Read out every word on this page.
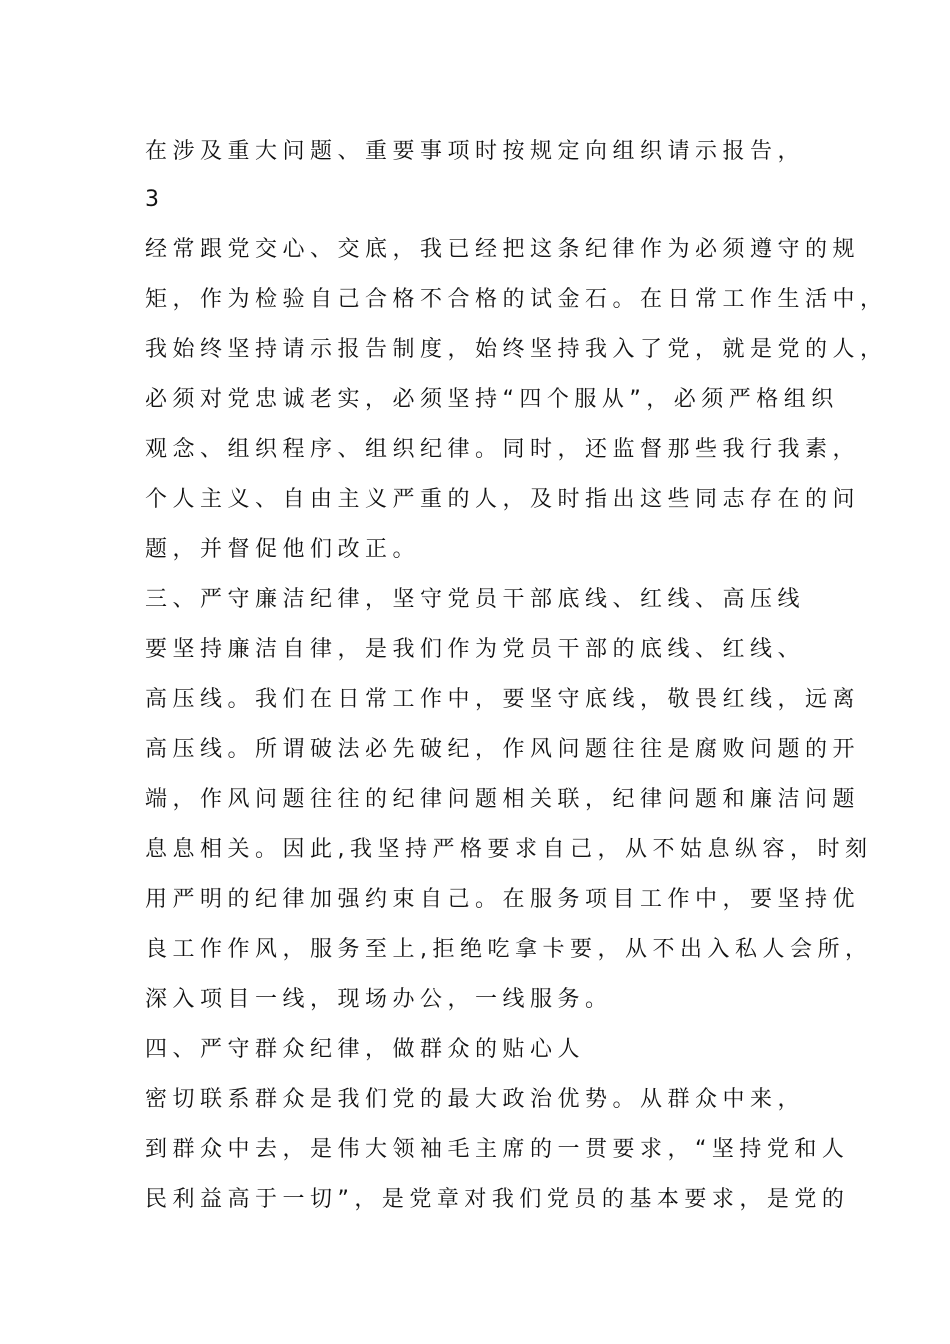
在涉及重大问题、重要事项时按规定向组织请示报告，
3
经常跟党交心、交底，我已经把这条纪律作为必须遵守的规
矩，作为检验自己合格不合格的试金石。在日常工作生活中，
我始终坚持请示报告制度，始终坚持我入了党，就是党的人，
必须对党忠诚老实，必须坚持“四个服从”，必须严格组织
观念、组织程序、组织纪律。同时，还监督那些我行我素，
个人主义、自由主义严重的人，及时指出这些同志存在的问
题，并督促他们改正。
三、严守廉洁纪律，坚守党员干部底线、红线、高压线
要坚持廉洁自律，是我们作为党员干部的底线、红线、
高压线。我们在日常工作中，要坚守底线，敬畏红线，远离
高压线。所谓破法必先破纪，作风问题往往是腐败问题的开
端，作风问题往往的纪律问题相关联，纪律问题和廉洁问题
息息相关。因此,我坚持严格要求自己，从不姑息纵容，时刻
用严明的纪律加强约束自己。在服务项目工作中，要坚持优
良工作作风，服务至上,拒绝吃拿卡要，从不出入私人会所，
深入项目一线，现场办公，一线服务。
四、严守群众纪律，做群众的贴心人
密切联系群众是我们党的最大政治优势。从群众中来，
到群众中去，是伟大领袖毛主席的一贯要求，“坚持党和人
民利益高于一切”，是党章对我们党员的基本要求，是党的
